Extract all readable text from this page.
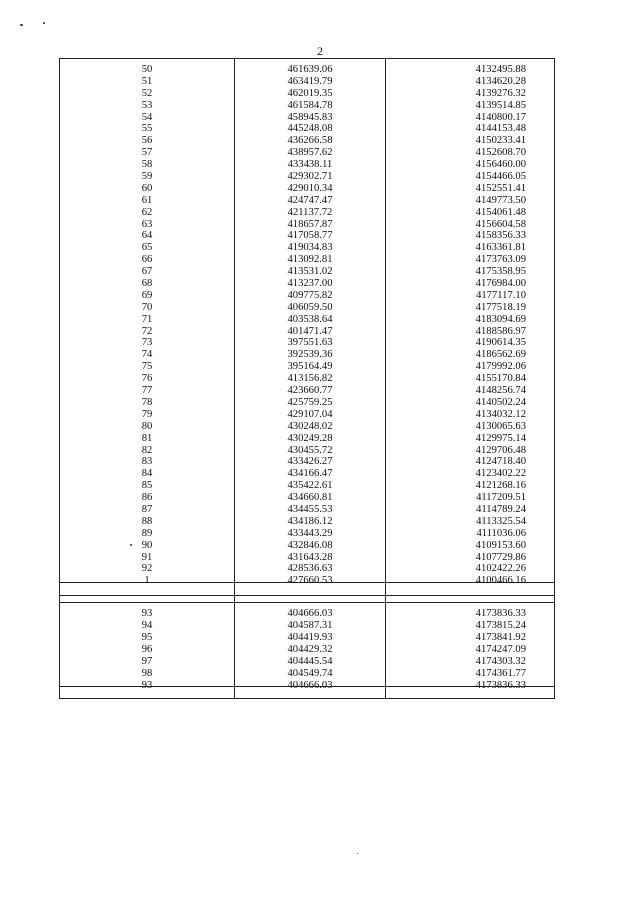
2
50	461639.06	4132495.88
51	463419.79	4134620.28
52	462019.35	4139276.32
53	461584.78	4139514.85
54	458945.83	4140800.17
55	445248.08	4144153.48
56	436266.58	4150233.41
57	438957.62	4152608.70
58	433438.11	4156460.00
59	429302.71	4154466.05
60	429010.34	4152551.41
61	424747.47	4149773.50
62	421137.72	4154061.48
63	418657.87	4156604.58
64	417058.77	4158356.33
65	419034.83	4163361.81
66	413092.81	4173763.09
67	413531.02	4175358.95
68	413237.00	4176984.00
69	409775.82	4177117.10
70	406059.50	4177518.19
71	403538.64	4183094.69
72	401471.47	4188586.97
73	397551.63	4190614.35
74	392539.36	4186562.69
75	395164.49	4179992.06
76	413156.82	4155170.84
77	423660.77	4148256.74
78	425759.25	4140502.24
79	429107.04	4134032.12
80	430248.02	4130065.63
81	430249.28	4129975.14
82	430455.72	4129706.48
83	433426.27	4124718.40
84	434166.47	4123402.22
85	435422.61	4121268.16
86	434660.81	4117209.51
87	434455.53	4114789.24
88	434186.12	4113325.54
89	433443.29	4111036.06
90	432846.08	4109153.60
91	431643.28	4107729.86
92	428536.63	4102422.26
1	427660.53	4100466.16
93	404666.03	4173836.33
94	404587.31	4173815.24
95	404419.93	4173841.92
96	404429.32	4174247.09
97	404445.54	4174303.32
98	404549.74	4174361.77
93	404666.03	4173836.33
